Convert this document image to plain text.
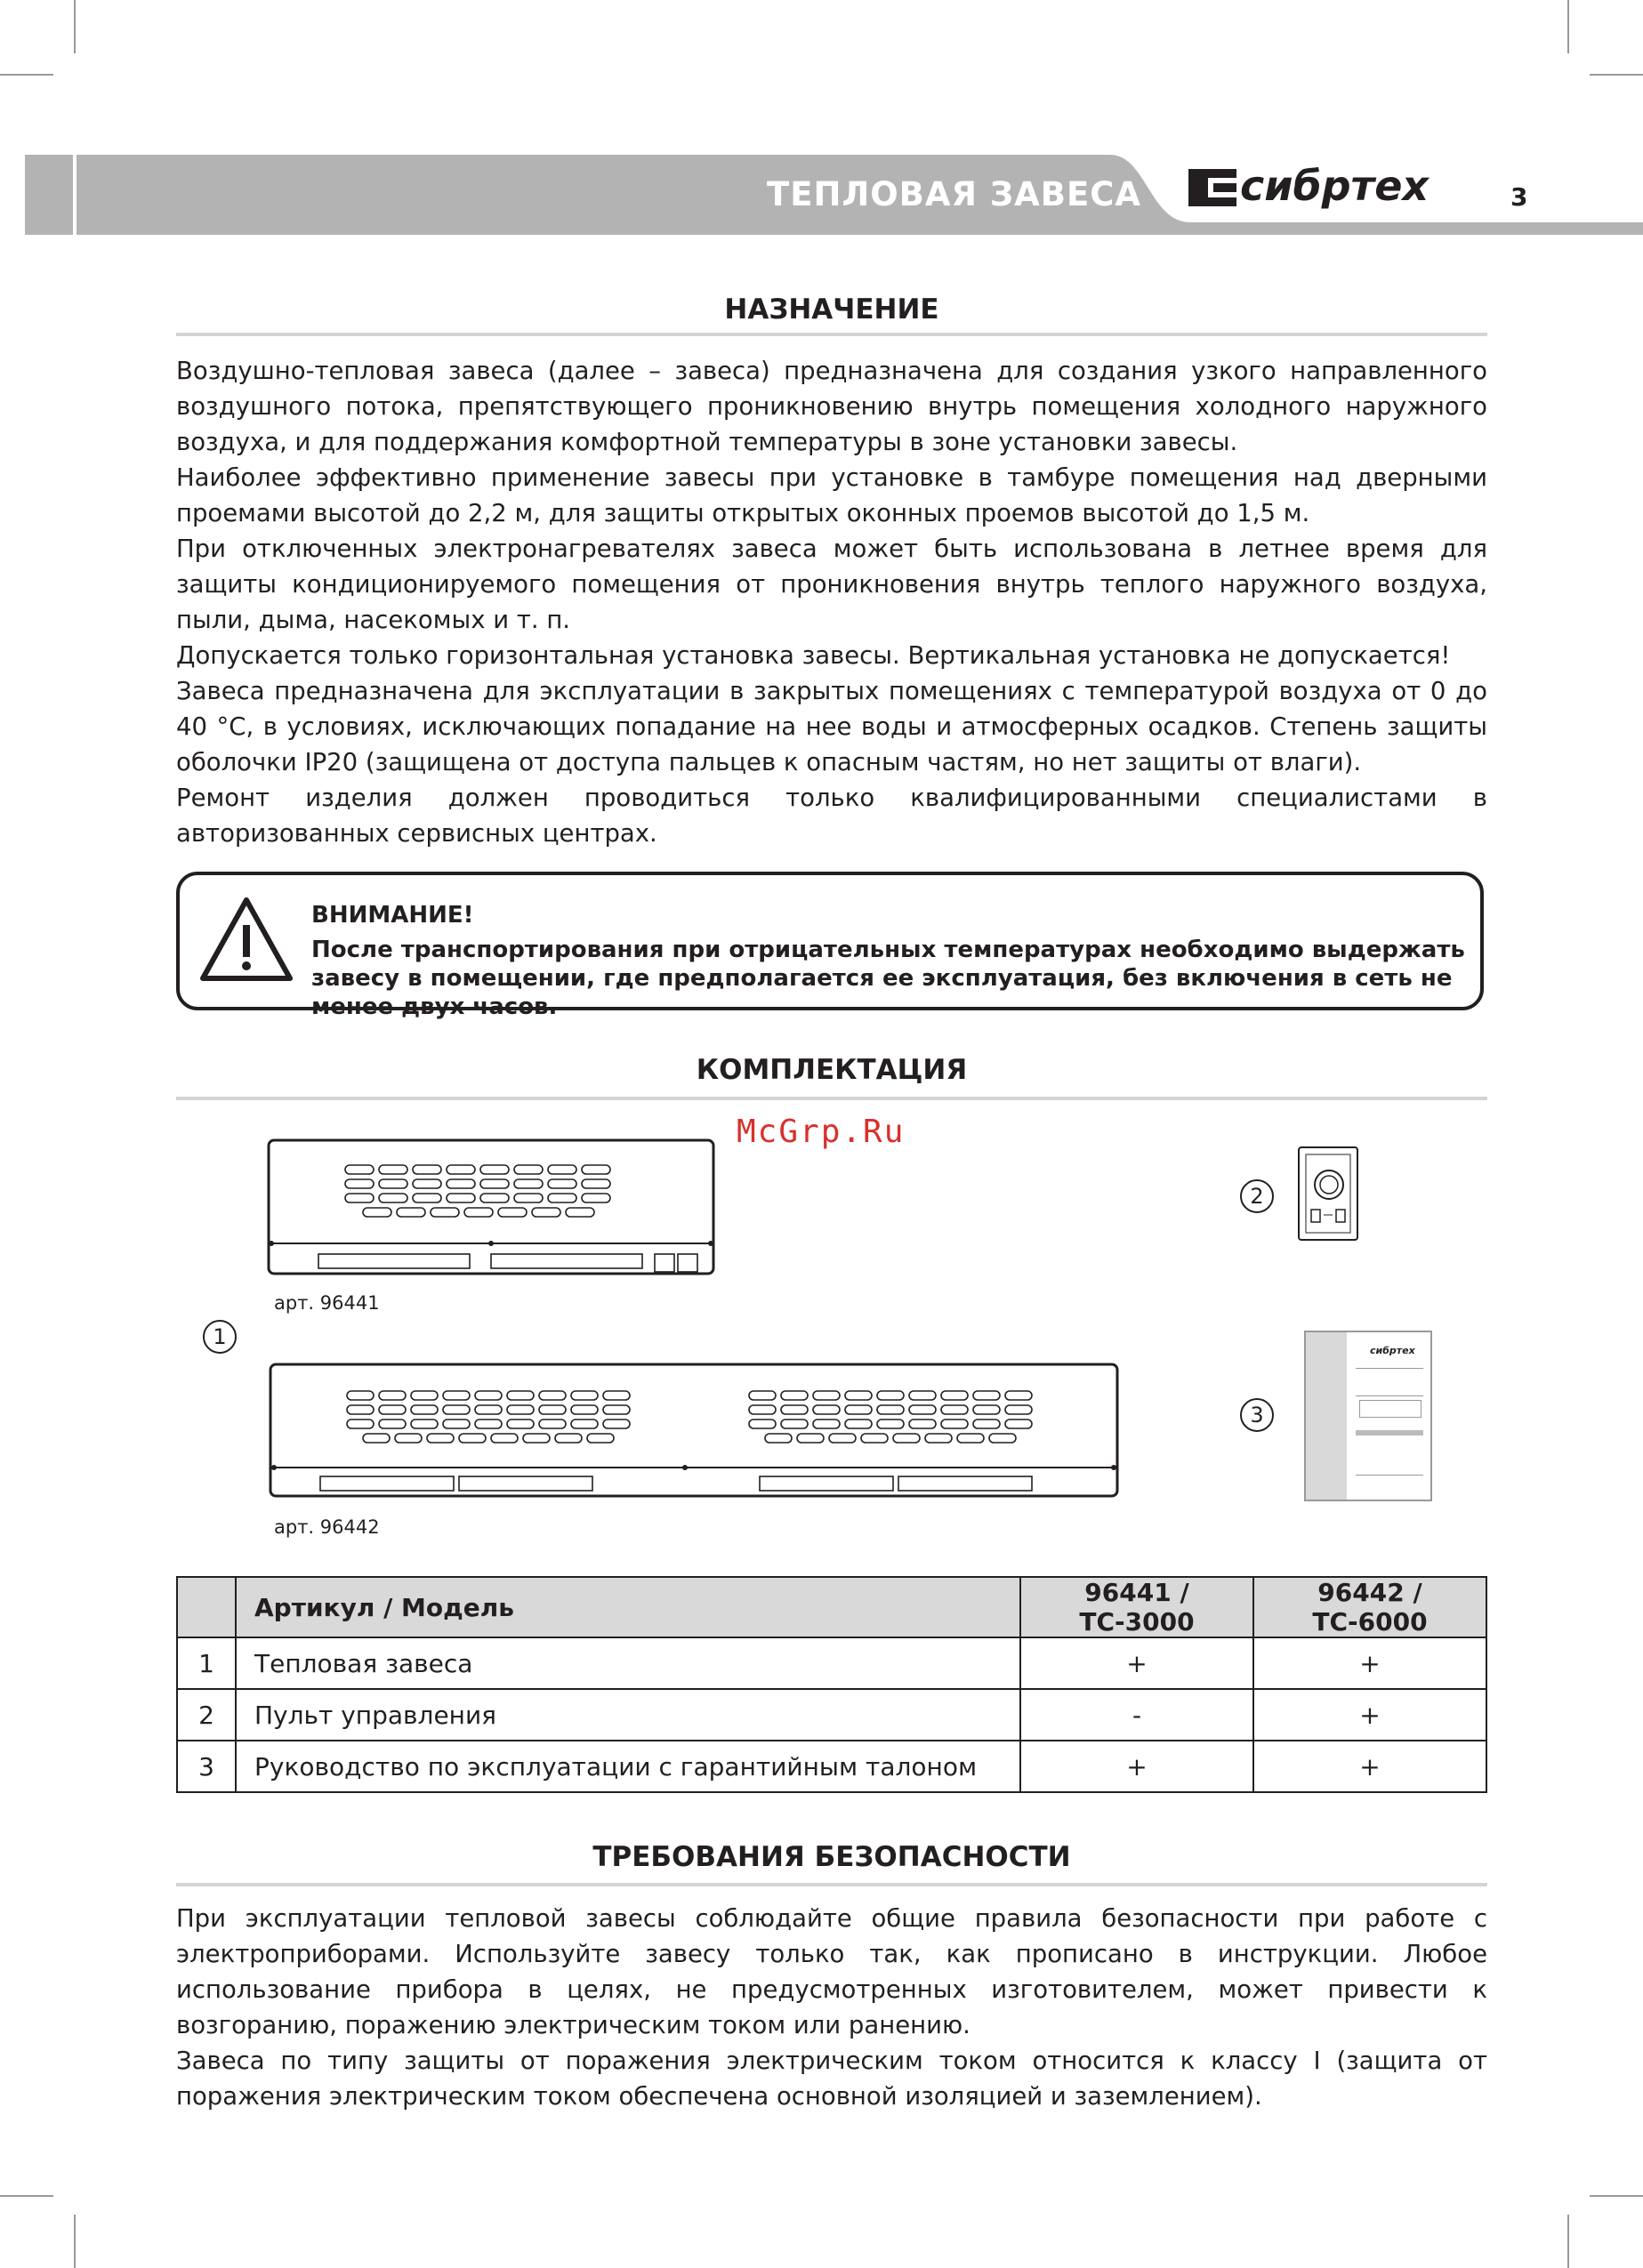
ТЕПЛОВАЯ ЗАВЕСА сибртех	3
НАЗНАЧЕНИЕ

Воздушно-тепловая завеса (далее – завеса) предназначена для создания узкого направленного воздушного потока, препятствующего проникновению внутрь помещения холодного наружного воздуха, и для поддержания комфортной температуры в зоне установки завесы.

Наиболее эффективно применение завесы при установке в тамбуре помещения над дверными проемами высотой до 2,2 м, для защиты открытых оконных проемов высотой до 1,5 м.

При отключенных электронагревателях завеса может быть использована в летнее время для защиты кондиционируемого помещения от проникновения внутрь теплого наружного воздуха, пыли, дыма, насекомых и т. п.

Допускается только горизонтальная установка завесы. Вертикальная установка не допускается!

Завеса предназначена для эксплуатации в закрытых помещениях с температурой воздуха от 0 до 40 °С, в условиях, исключающих попадание на нее воды и атмосферных осадков. Степень защиты оболочки IP20 (защищена от доступа пальцев к опасным частям, но нет защиты от влаги).

Ремонт изделия должен проводиться только квалифицированными специалистами в авторизованных сервисных центрах.

ВНИМАНИЕ!
После транспортирования при отрицательных температурах необходимо выдержать завесу в помещении, где предполагается ее эксплуатация, без включения в сеть не менее двух часов.
КОМПЛЕКТАЦИЯ
McGrp.Ru
арт. 96441
1
арт. 96442
2
3
сибртех
	Артикул / Модель	96441 / ТС-3000	96442 / ТС-6000
1	Тепловая завеса	+	+
2	Пульт управления	-	+
3	Руководство по эксплуатации с гарантийным талоном	+	+
ТРЕБОВАНИЯ БЕЗОПАСНОСТИ

При эксплуатации тепловой завесы соблюдайте общие правила безопасности при работе с электроприборами. Используйте завесу только так, как прописано в инструкции. Любое использование прибора в целях, не предусмотренных изготовителем, может привести к возгоранию, поражению электрическим током или ранению.

Завеса по типу защиты от поражения электрическим током относится к классу I (защита от поражения электрическим током обеспечена основной изоляцией и заземлением).
